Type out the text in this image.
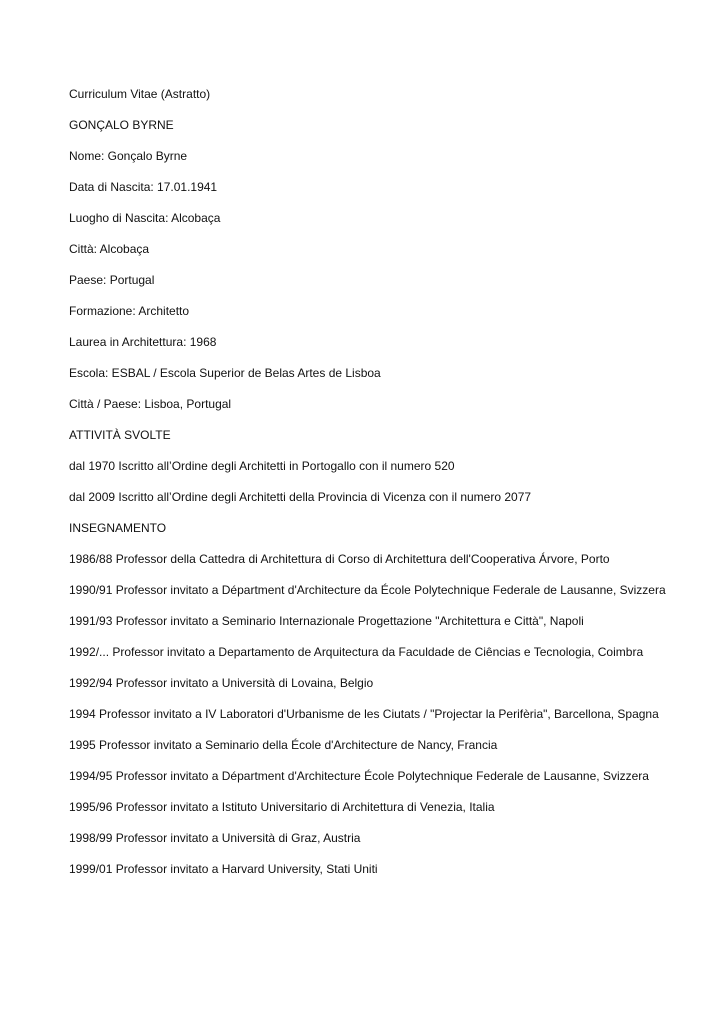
Curriculum Vitae (Astratto)

GONÇALO BYRNE

Nome: Gonçalo Byrne

Data di Nascita: 17.01.1941

Luogho di Nascita: Alcobaça

Città: Alcobaça

Paese: Portugal

Formazione: Architetto

Laurea in Architettura: 1968

Escola: ESBAL / Escola Superior de Belas Artes de Lisboa

Città / Paese: Lisboa, Portugal

ATTIVITÀ SVOLTE

dal 1970 Iscritto all’Ordine degli Architetti in Portogallo con il numero 520

dal 2009 Iscritto all’Ordine degli Architetti della Provincia di Vicenza con il numero 2077

INSEGNAMENTO

1986/88 Professor della Cattedra di Architettura di Corso di Architettura dell'Cooperativa Árvore, Porto

1990/91 Professor invitato a Départment d'Architecture da École Polytechnique Federale de Lausanne, Svizzera

1991/93 Professor invitato a Seminario Internazionale Progettazione "Architettura e Città", Napoli

1992/... Professor invitato a Departamento de Arquitectura da Faculdade de Ciências e Tecnologia, Coimbra

1992/94 Professor invitato a Università di Lovaina, Belgio

1994 Professor invitato a IV Laboratori d'Urbanisme de les Ciutats / "Projectar la Perifèria", Barcellona, Spagna

1995 Professor invitato a Seminario della École d'Architecture de Nancy, Francia

1994/95 Professor invitato a Départment d'Architecture École Polytechnique Federale de Lausanne, Svizzera

1995/96 Professor invitato a Istituto Universitario di Architettura di Venezia, Italia

1998/99 Professor invitato a Università di Graz, Austria

1999/01 Professor invitato a Harvard University, Stati Uniti
